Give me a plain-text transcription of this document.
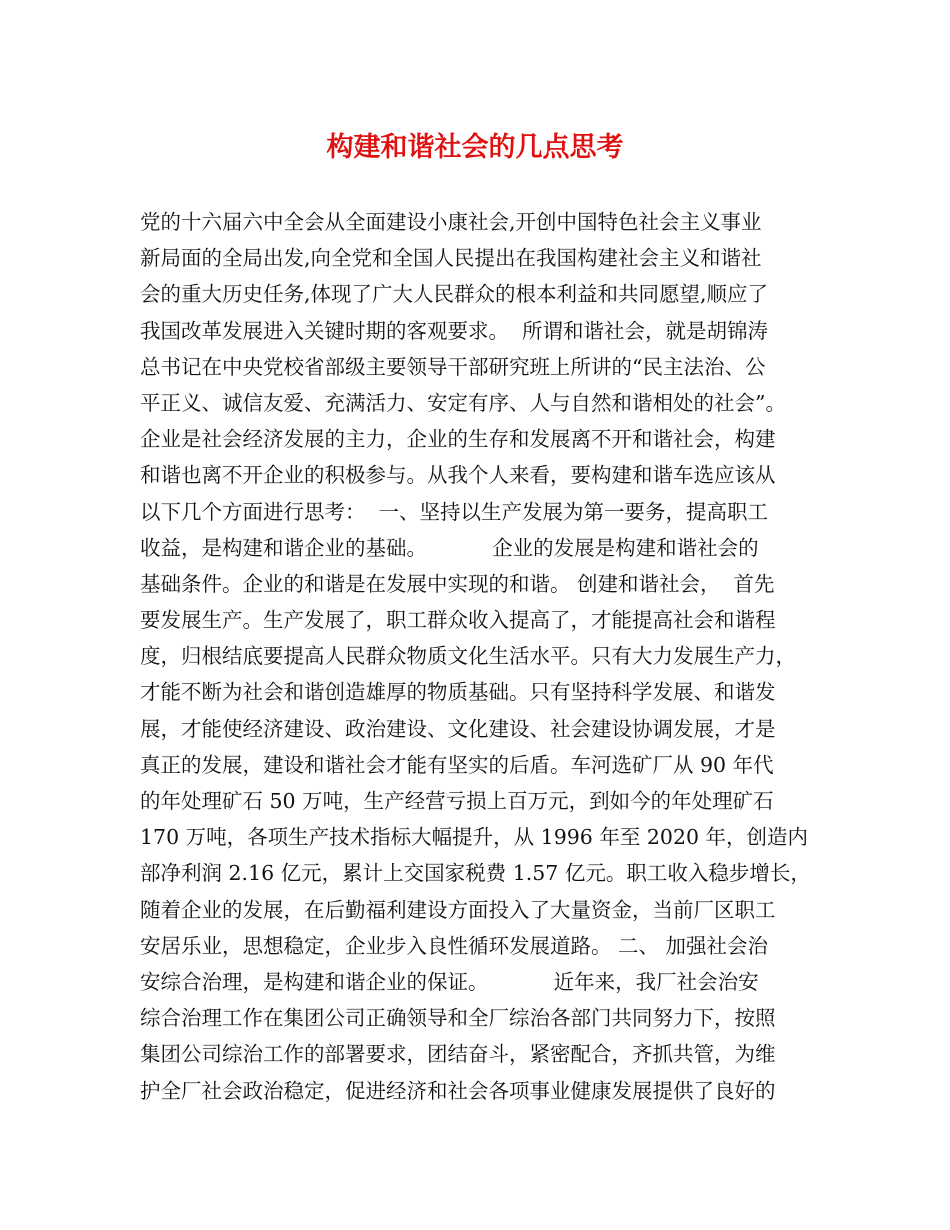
构建和谐社会的几点思考
党的十六届六中全会从全面建设小康社会,开创中国特色社会主义事业
新局面的全局出发,向全党和全国人民提出在我国构建社会主义和谐社
会的重大历史任务,体现了广大人民群众的根本利益和共同愿望,顺应了
我国改革发展进入关键时期的客观要求。  所谓和谐社会，就是胡锦涛
总书记在中央党校省部级主要领导干部研究班上所讲的“民主法治、公
平正义、诚信友爱、充满活力、安定有序、人与自然和谐相处的社会”。
企业是社会经济发展的主力，企业的生存和发展离不开和谐社会，构建
和谐也离不开企业的积极参与。从我个人来看，要构建和谐车选应该从
以下几个方面进行思考：  一、坚持以生产发展为第一要务，提高职工
收益，是构建和谐企业的基础。          企业的发展是构建和谐社会的
基础条件。企业的和谐是在发展中实现的和谐。 创建和谐社会，  首先
要发展生产。生产发展了，职工群众收入提高了，才能提高社会和谐程
度，归根结底要提高人民群众物质文化生活水平。只有大力发展生产力，
才能不断为社会和谐创造雄厚的物质基础。只有坚持科学发展、和谐发
展，才能使经济建设、政治建设、文化建设、社会建设协调发展，才是
真正的发展，建设和谐社会才能有坚实的后盾。车河选矿厂从 90 年代
的年处理矿石 50 万吨，生产经营亏损上百万元，到如今的年处理矿石
170 万吨，各项生产技术指标大幅提升，从 1996 年至 2020 年，创造内
部净利润 2.16 亿元，累计上交国家税费 1.57 亿元。职工收入稳步增长，
随着企业的发展，在后勤福利建设方面投入了大量资金，当前厂区职工
安居乐业，思想稳定，企业步入良性循环发展道路。 二、 加强社会治
安综合治理，是构建和谐企业的保证。          近年来，我厂社会治安
综合治理工作在集团公司正确领导和全厂综治各部门共同努力下，按照
集团公司综治工作的部署要求，团结奋斗，紧密配合，齐抓共管，为维
护全厂社会政治稳定，促进经济和社会各项事业健康发展提供了良好的
